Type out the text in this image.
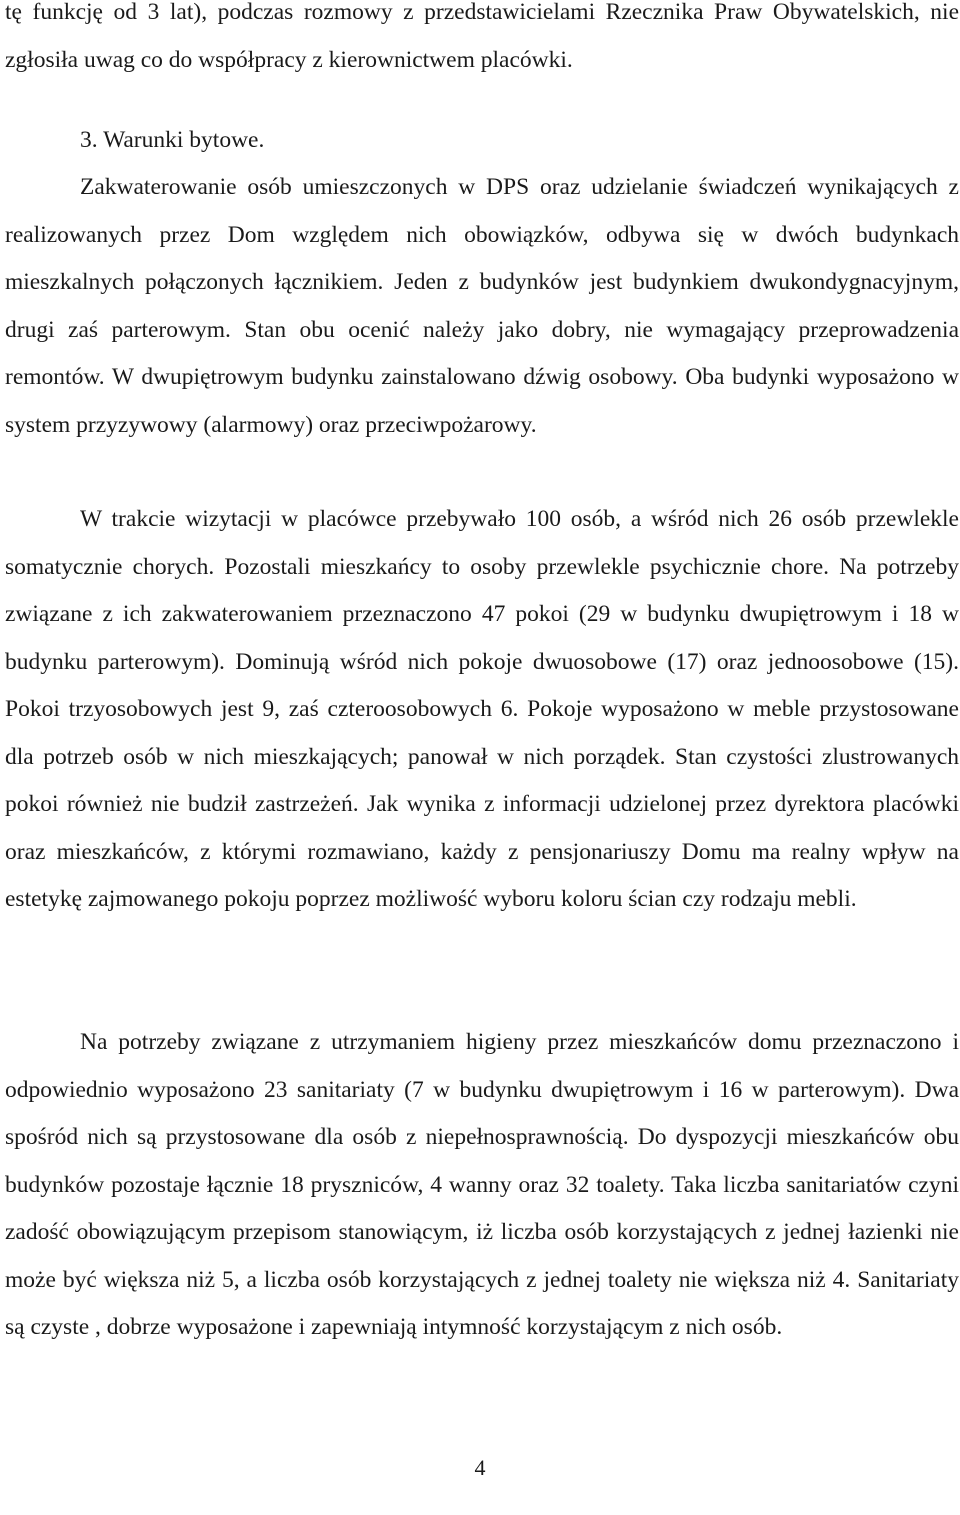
tę funkcję od 3 lat), podczas rozmowy z przedstawicielami Rzecznika Praw Obywatelskich, nie zgłosiła uwag co do współpracy z kierownictwem placówki.

3. Warunki bytowe.

Zakwaterowanie osób umieszczonych w DPS oraz udzielanie świadczeń wynikających z realizowanych przez Dom względem nich obowiązków, odbywa się w dwóch budynkach mieszkalnych połączonych łącznikiem. Jeden z budynków jest budynkiem dwukondygnacyjnym, drugi zaś parterowym. Stan obu ocenić należy jako dobry, nie wymagający przeprowadzenia remontów. W dwupiętrowym budynku zainstalowano dźwig osobowy. Oba budynki wyposażono w system przyzywowy (alarmowy) oraz przeciwpożarowy.

W trakcie wizytacji w placówce przebywało 100 osób, a wśród nich 26 osób przewlekle somatycznie chorych. Pozostali mieszkańcy to osoby przewlekle psychicznie chore. Na potrzeby związane z ich zakwaterowaniem przeznaczono 47 pokoi (29 w budynku dwupiętrowym i 18 w budynku parterowym). Dominują wśród nich pokoje dwuosobowe (17) oraz jednoosobowe (15). Pokoi trzyosobowych jest 9, zaś czteroosobowych 6. Pokoje wyposażono w meble przystosowane dla potrzeb osób w nich mieszkających; panował w nich porządek. Stan czystości zlustrowanych pokoi również nie budził zastrzeżeń. Jak wynika z informacji udzielonej przez dyrektora placówki oraz mieszkańców, z którymi rozmawiano, każdy z pensjonariuszy Domu ma realny wpływ na estetykę zajmowanego pokoju poprzez możliwość wyboru koloru ścian czy rodzaju mebli.

Na potrzeby związane z utrzymaniem higieny przez mieszkańców domu przeznaczono i odpowiednio wyposażono 23 sanitariaty (7 w budynku dwupiętrowym i 16 w parterowym). Dwa spośród nich są przystosowane dla osób z niepełnosprawnością. Do dyspozycji mieszkańców obu budynków pozostaje łącznie 18 pryszniców, 4 wanny oraz 32 toalety. Taka liczba sanitariatów czyni zadość obowiązującym przepisom stanowiącym, iż liczba osób korzystających z jednej łazienki nie może być większa niż 5, a liczba osób korzystających z jednej toalety nie większa niż 4. Sanitariaty są czyste , dobrze wyposażone i zapewniają intymność korzystającym z nich osób.

4
